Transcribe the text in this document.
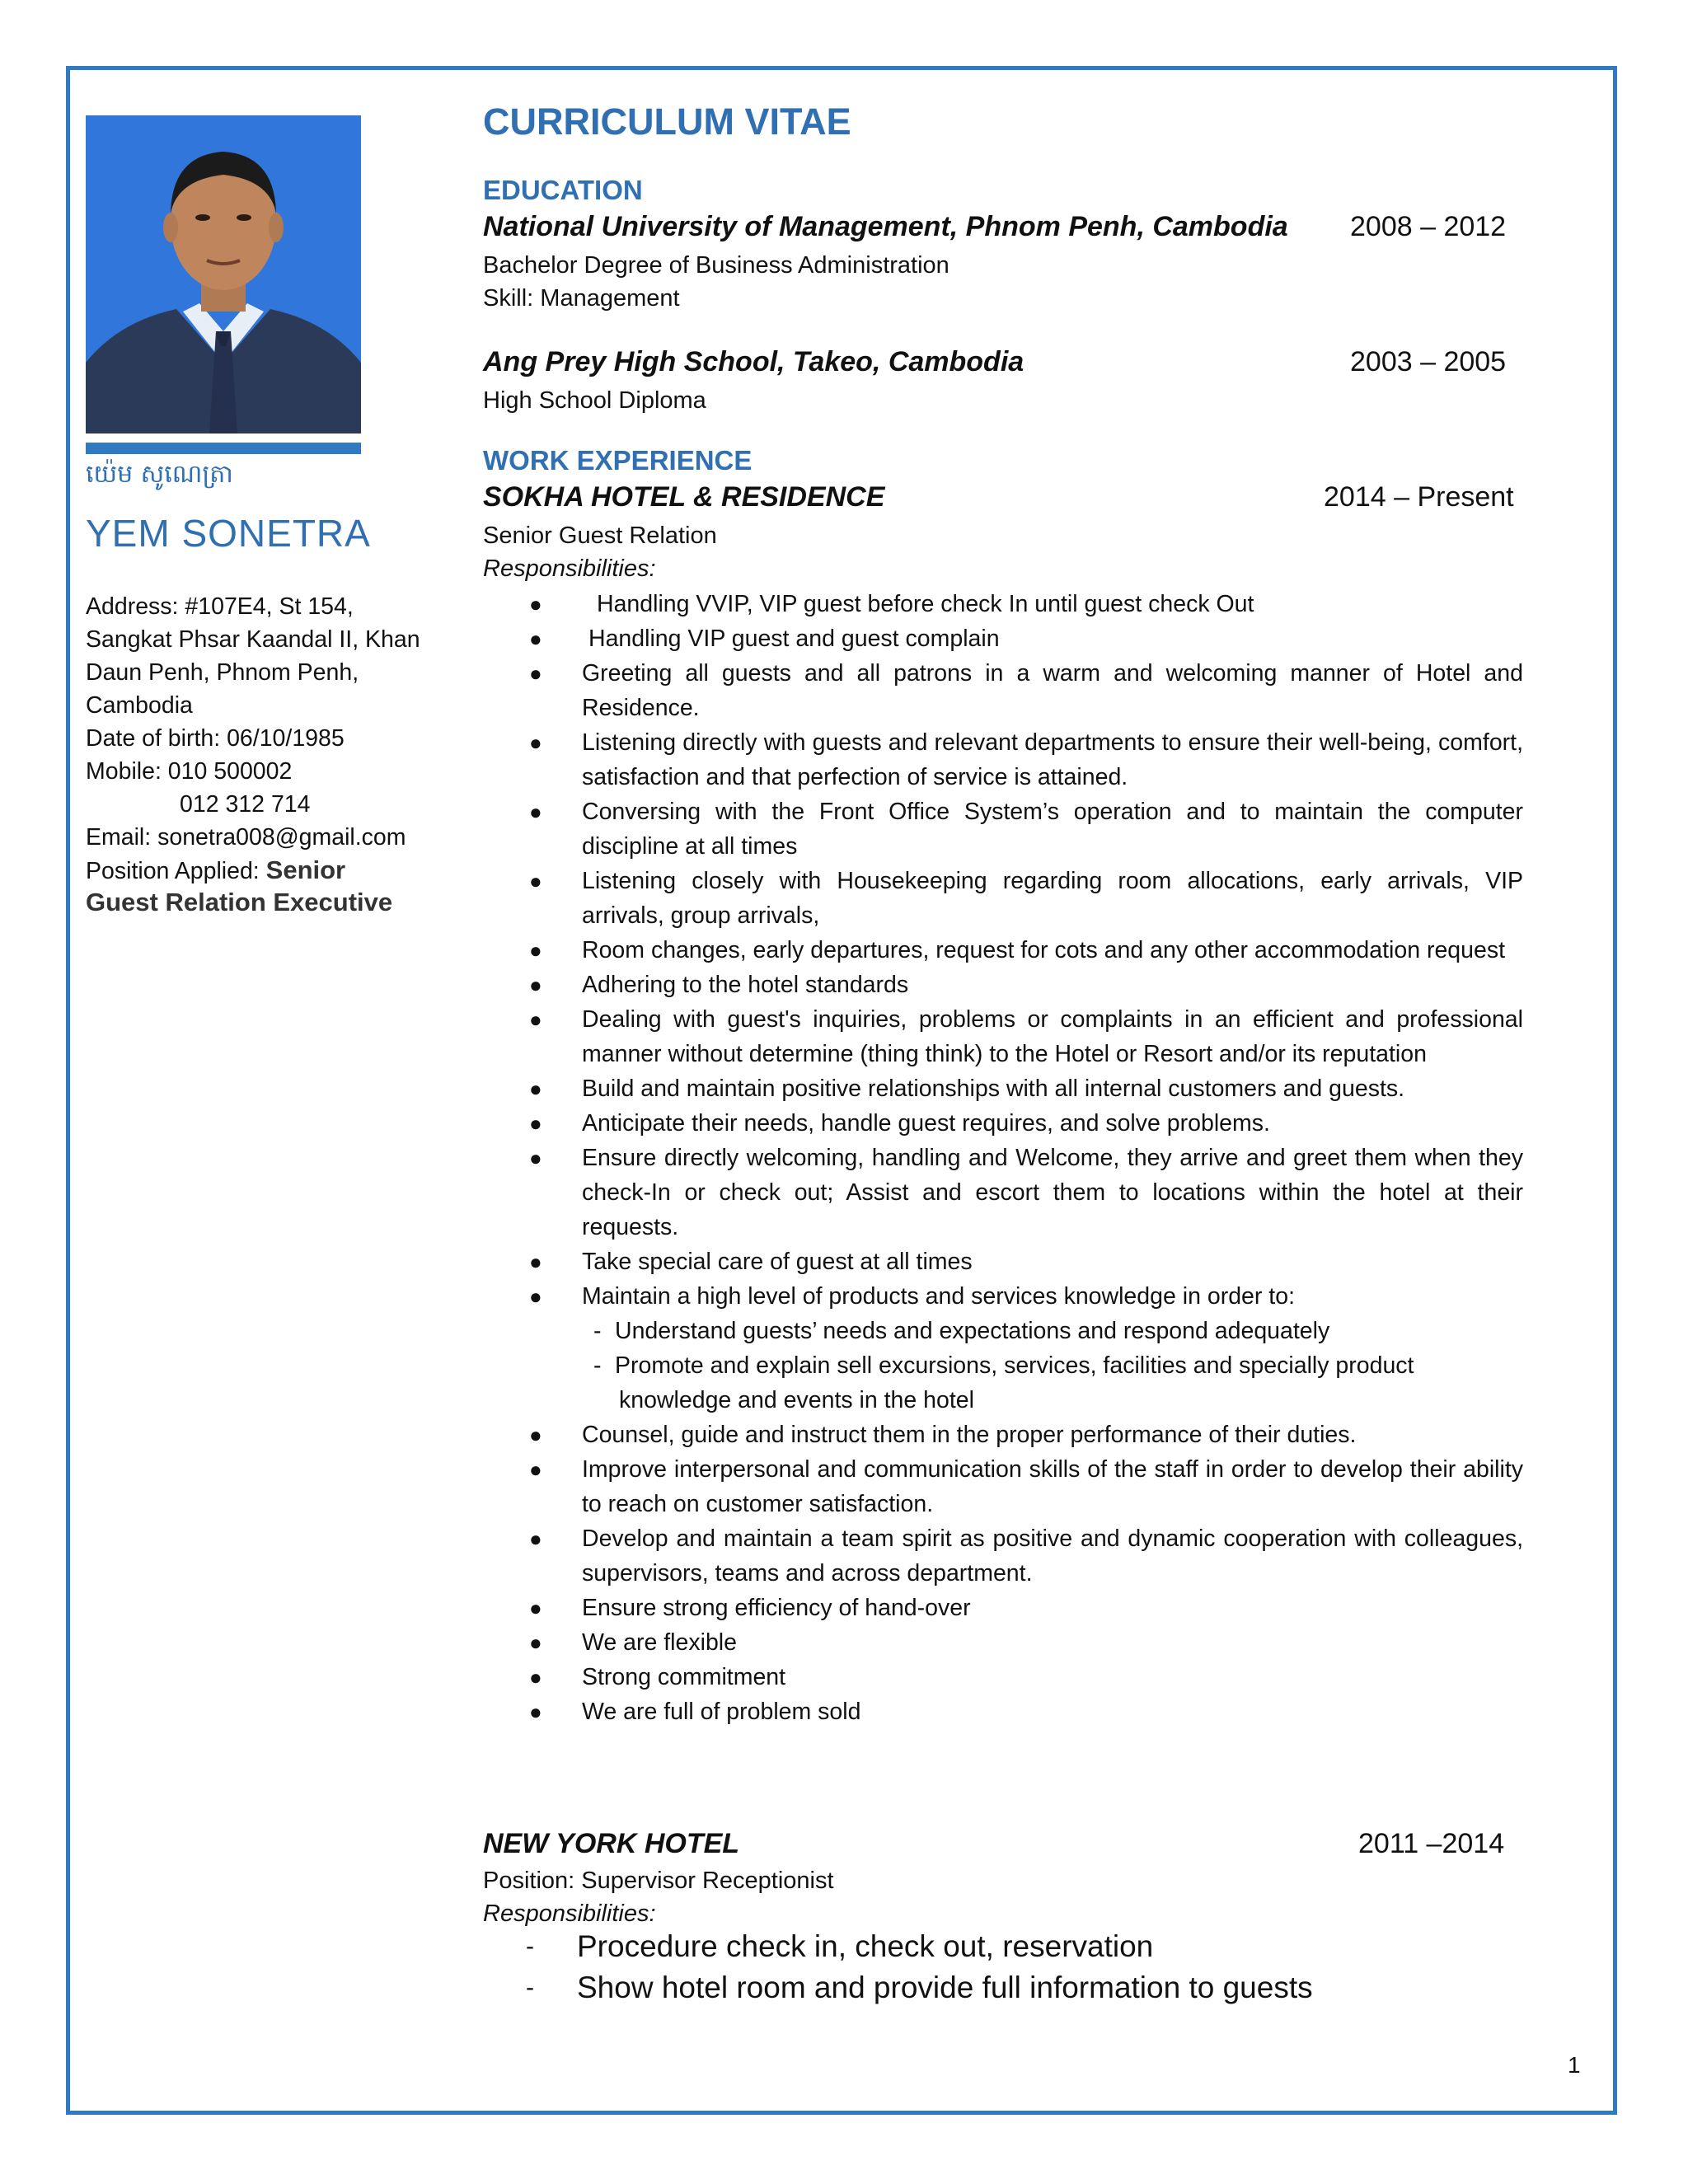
យ៉េម សូណេត្រា
YEM SONETRA
Address: #107E4, St 154,
Sangkat Phsar Kaandal II, Khan
Daun Penh, Phnom Penh,
Cambodia
Date of birth: 06/10/1985
Mobile: 010 500002
012 312 714
Email: sonetra008@gmail.com
Position Applied: Senior
Guest Relation Executive
CURRICULUM VITAE
EDUCATION
National University of Management, Phnom Penh, Cambodia 2008 – 2012
Bachelor Degree of Business Administration
Skill: Management
Ang Prey High School, Takeo, Cambodia	2003 – 2005
High School Diploma
WORK EXPERIENCE
SOKHA HOTEL & RESIDENCE	2014 – Present
Senior Guest Relation
Responsibilities:
● Handling VVIP, VIP guest before check In until guest check Out
● Handling VIP guest and guest complain
● Greeting all guests and all patrons in a warm and welcoming manner of Hotel and Residence.
● Listening directly with guests and relevant departments to ensure their well-being, comfort, satisfaction and that perfection of service is attained.
● Conversing with the Front Office System’s operation and to maintain the computer discipline at all times
● Listening closely with Housekeeping regarding room allocations, early arrivals, VIP arrivals, group arrivals,
● Room changes, early departures, request for cots and any other accommodation request
● Adhering to the hotel standards
● Dealing with guest's inquiries, problems or complaints in an efficient and professional manner without determine (thing think) to the Hotel or Resort and/or its reputation
● Build and maintain positive relationships with all internal customers and guests.
● Anticipate their needs, handle guest requires, and solve problems.
● Ensure directly welcoming, handling and Welcome, they arrive and greet them when they check-In or check out; Assist and escort them to locations within the hotel at their requests.
● Take special care of guest at all times
● Maintain a high level of products and services knowledge in order to:
- Understand guests’ needs and expectations and respond adequately
- Promote and explain sell excursions, services, facilities and specially product
knowledge and events in the hotel
● Counsel, guide and instruct them in the proper performance of their duties.
● Improve interpersonal and communication skills of the staff in order to develop their ability to reach on customer satisfaction.
● Develop and maintain a team spirit as positive and dynamic cooperation with colleagues, supervisors, teams and across department.
● Ensure strong efficiency of hand-over
● We are flexible
● Strong commitment
● We are full of problem sold
NEW YORK HOTEL	2011 –2014
Position: Supervisor Receptionist
Responsibilities:
- Procedure check in, check out, reservation
- Show hotel room and provide full information to guests
1
